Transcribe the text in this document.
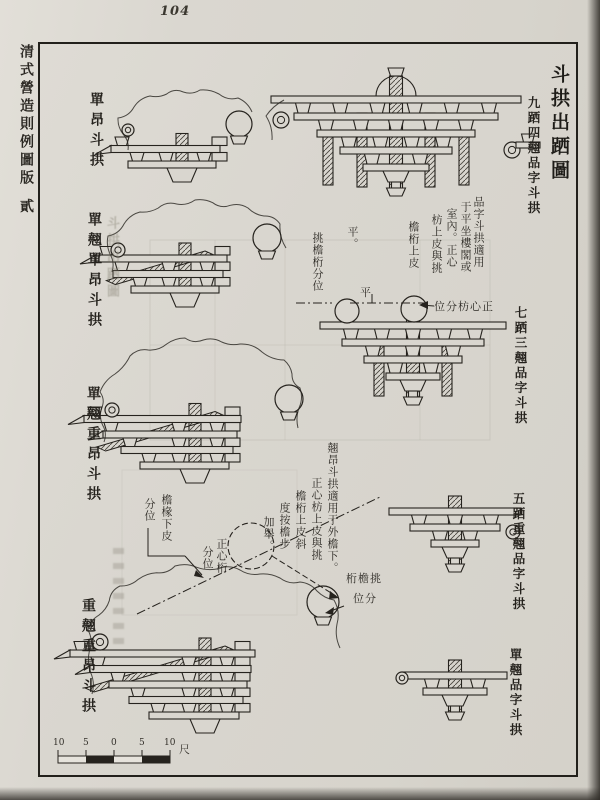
104
清式營造則例圖版
貳
斗拱出跴圖
斗拱出跴圖
九跴四翹品字斗拱
七跴三翹品字斗拱
五跴重翹品字斗拱
單翹品字斗拱
單昂斗拱
單翹單昂斗拱
單翹重昂斗拱
重翹重昂斗拱
品字斗拱適用
于平坐樓閣或
室內。正心
枋上皮與挑
檐桁上皮
平。
挑檐桁分位
翹昂斗拱適用于外檐下。
正心枋上皮與挑
檐桁上皮斜
度按檐步
加舉。
挑檐桁
分位
檐椽下皮
分位
正心桁
分位
平
正心枋分位
10 5 0 5 10 尺
